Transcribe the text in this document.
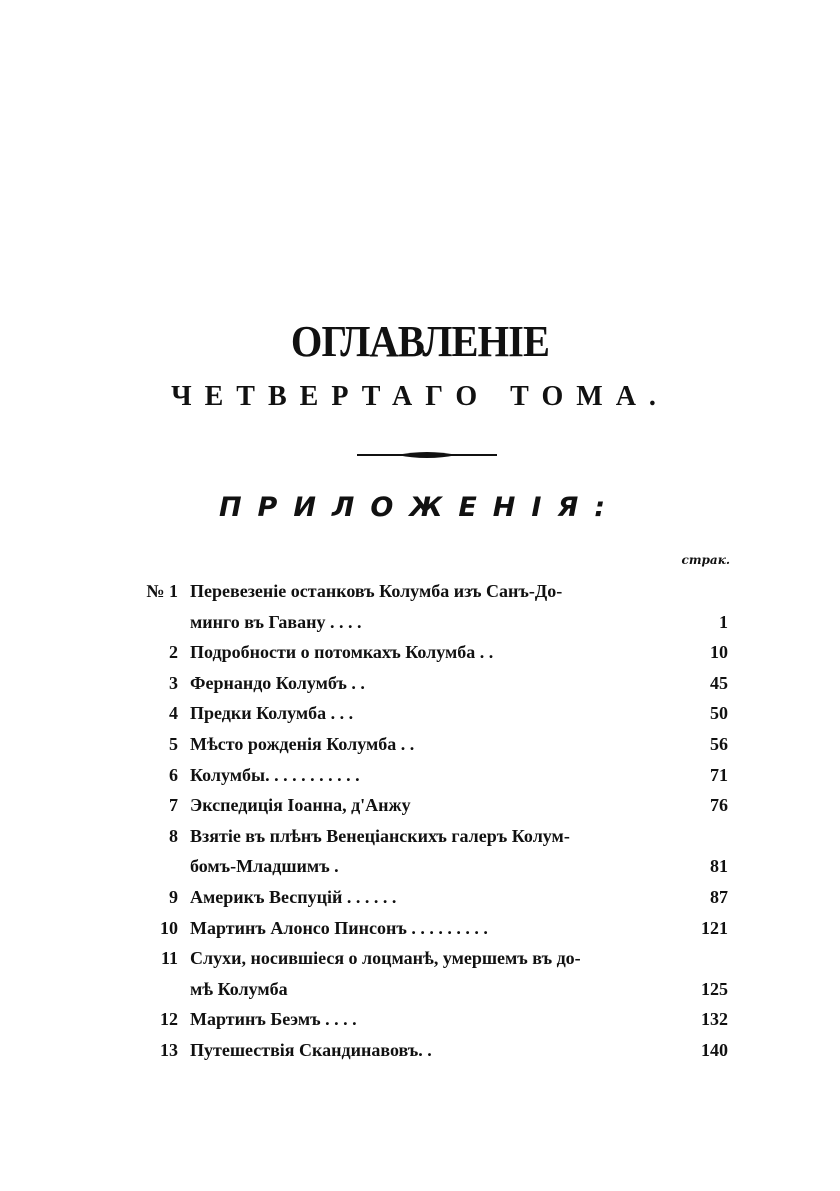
ОГЛАВЛЕНІЕ
ЧЕТВЕРТАГО ТОМА.
ПРИЛОЖЕНІЯ:
страк.
№ 1 Перевезеніе останковъ Колумба изъ Санъ-До-
минго въ Гавану . . . .	1
2 Подробности о потомкахъ Колумба . .	10
3 Фернандо Колумбъ . .	45
4 Предки Колумба . . .	50
5 Мѣсто рожденія Колумба . .	56
6 Колумбы. . . . . . . . . . .	71
7 Экспедиція Іоанна, д'Анжу	76
8 Взятіе въ плѣнъ Венеціанскихъ галеръ Колум-
бомъ-Младшимъ .	81
9 Америкъ Веспуцій . . . . . .	87
10 Мартинъ Алонсо Пинсонъ . . . . . . . . .	121
11 Слухи, носившіеся о лоцманѣ, умершемъ въ до-
мѣ Колумба	125
12 Мартинъ Беэмъ . . . .	132
13 Путешествія Скандинавовъ. .	140
